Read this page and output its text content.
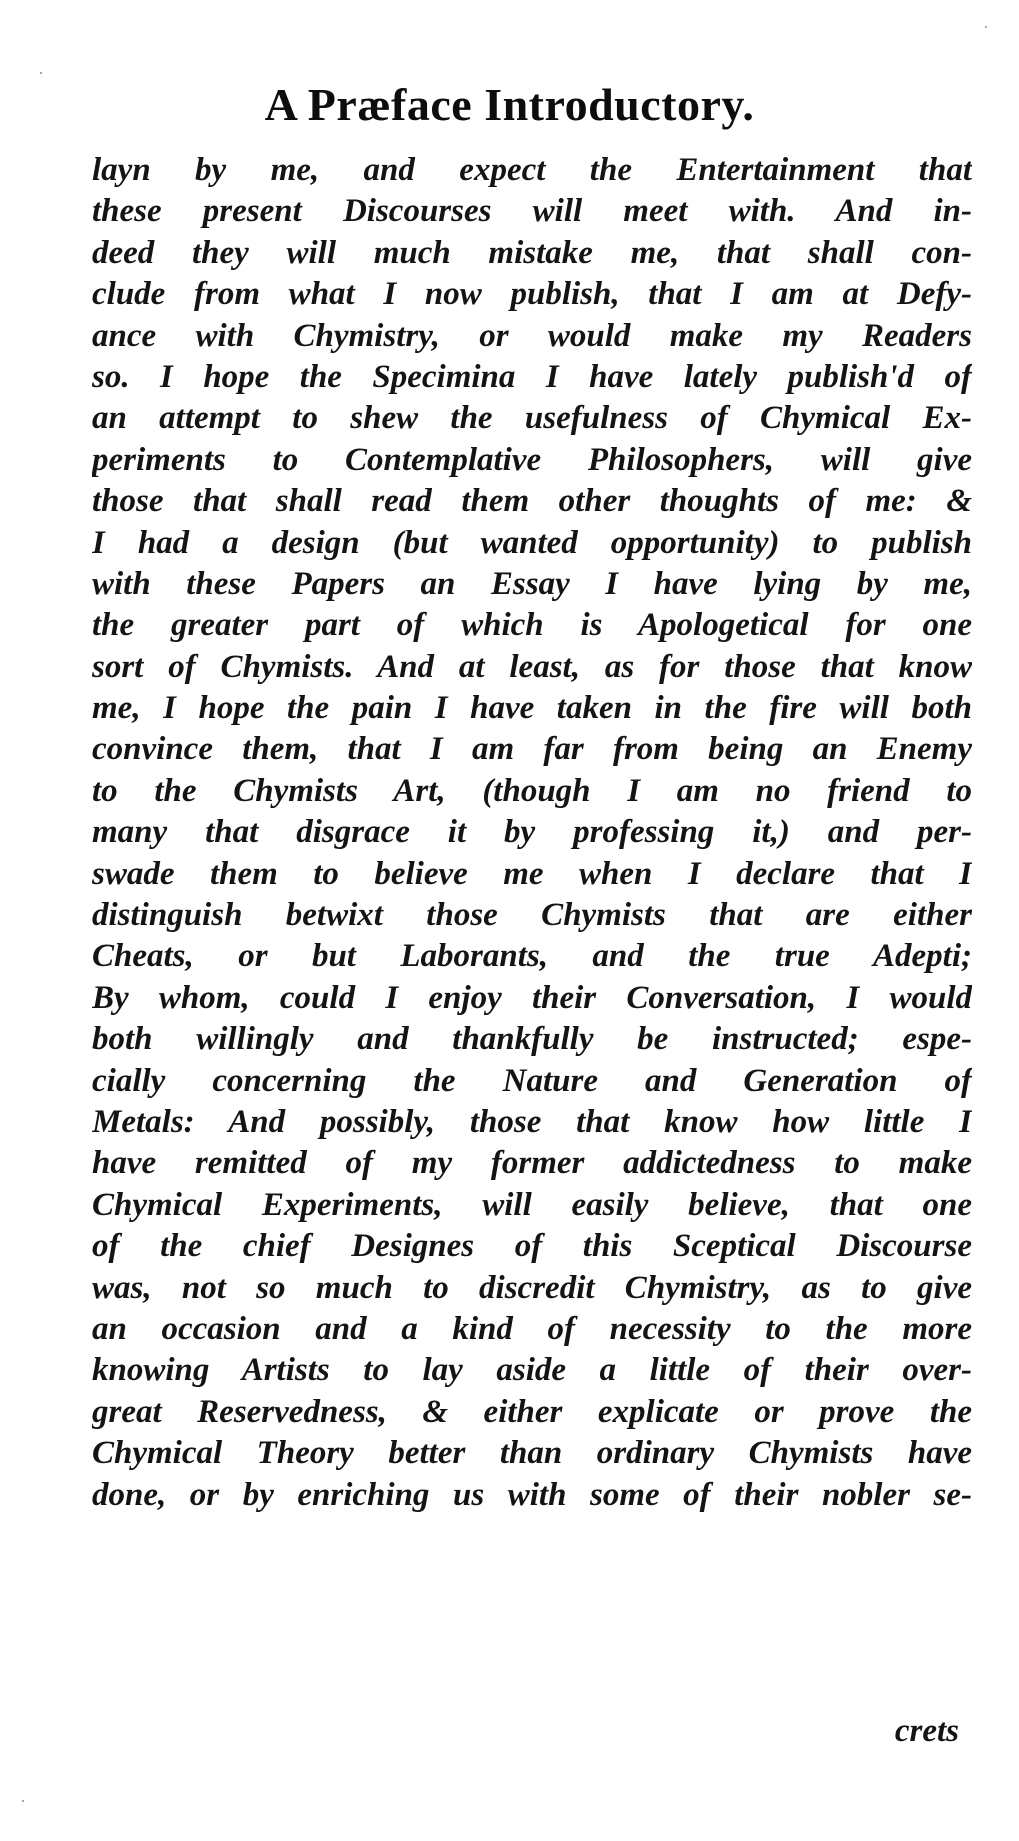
A Præface Introductory.
layn by me, and expect the Entertainment that
these present Discourses will meet with. And in-
deed they will much mistake me, that shall con-
clude from what I now publish, that I am at Defy-
ance with Chymistry, or would make my Readers
so. I hope the Specimina I have lately publish'd of
an attempt to shew the usefulness of Chymical Ex-
periments to Contemplative Philosophers, will give
those that shall read them other thoughts of me: &
I had a design (but wanted opportunity) to publish
with these Papers an Essay I have lying by me,
the greater part of which is Apologetical for one
sort of Chymists. And at least, as for those that know
me, I hope the pain I have taken in the fire will both
convince them, that I am far from being an Enemy
to the Chymists Art, (though I am no friend to
many that disgrace it by professing it,) and per-
swade them to believe me when I declare that I
distinguish betwixt those Chymists that are either
Cheats, or but Laborants, and the true Adepti;
By whom, could I enjoy their Conversation, I would
both willingly and thankfully be instructed; espe-
cially concerning the Nature and Generation of
Metals: And possibly, those that know how little I
have remitted of my former addictedness to make
Chymical Experiments, will easily believe, that one
of the chief Designes of this Sceptical Discourse
was, not so much to discredit Chymistry, as to give
an occasion and a kind of necessity to the more
knowing Artists to lay aside a little of their over-
great Reservedness, & either explicate or prove the
Chymical Theory better than ordinary Chymists have
done, or by enriching us with some of their nobler se-
crets
